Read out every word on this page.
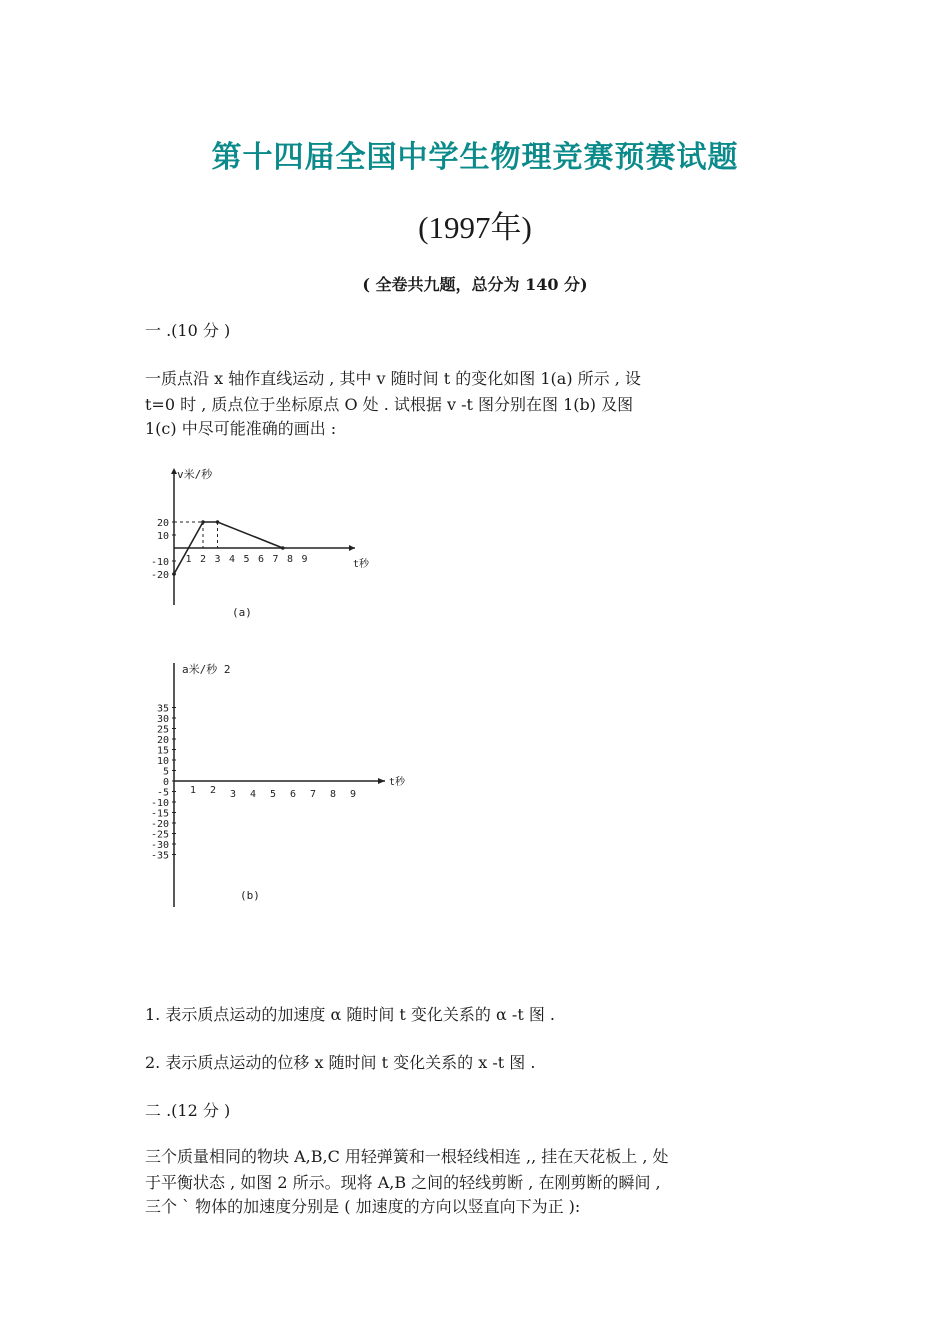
第十四届全国中学生物理竞赛预赛试题
(1997年)
( 全卷共九题，总分为 140 分)
一 .(10 分 )
一质点沿 x 轴作直线运动 , 其中 v 随时间 t 的变化如图 1(a) 所示 , 设
t=0 时 , 质点位于坐标原点 O 处 . 试根据 v -t 图分别在图 1(b) 及图
1(c) 中尽可能准确的画出 :
v米/秒
t秒
20
10
-10
-20
1 2 3 4 5 6 7 8 9
(a)
a米/秒 2
t秒
35
30
25
20
15
10
5
0
-5
-10
-15
-20
-25
-30
-35
1 2 3 4 5 6 7 8 9
(b)
1. 表示质点运动的加速度 α 随时间 t 变化关系的 α -t 图 .
2. 表示质点运动的位移 x 随时间 t 变化关系的 x -t 图 .
二 .(12 分 )
三个质量相同的物块 A,B,C 用轻弹簧和一根轻线相连 ,, 挂在天花板上 , 处
于平衡状态 , 如图 2 所示。现将 A,B 之间的轻线剪断 , 在刚剪断的瞬间 ,
三个 ` 物体的加速度分别是 ( 加速度的方向以竖直向下为正 ):
